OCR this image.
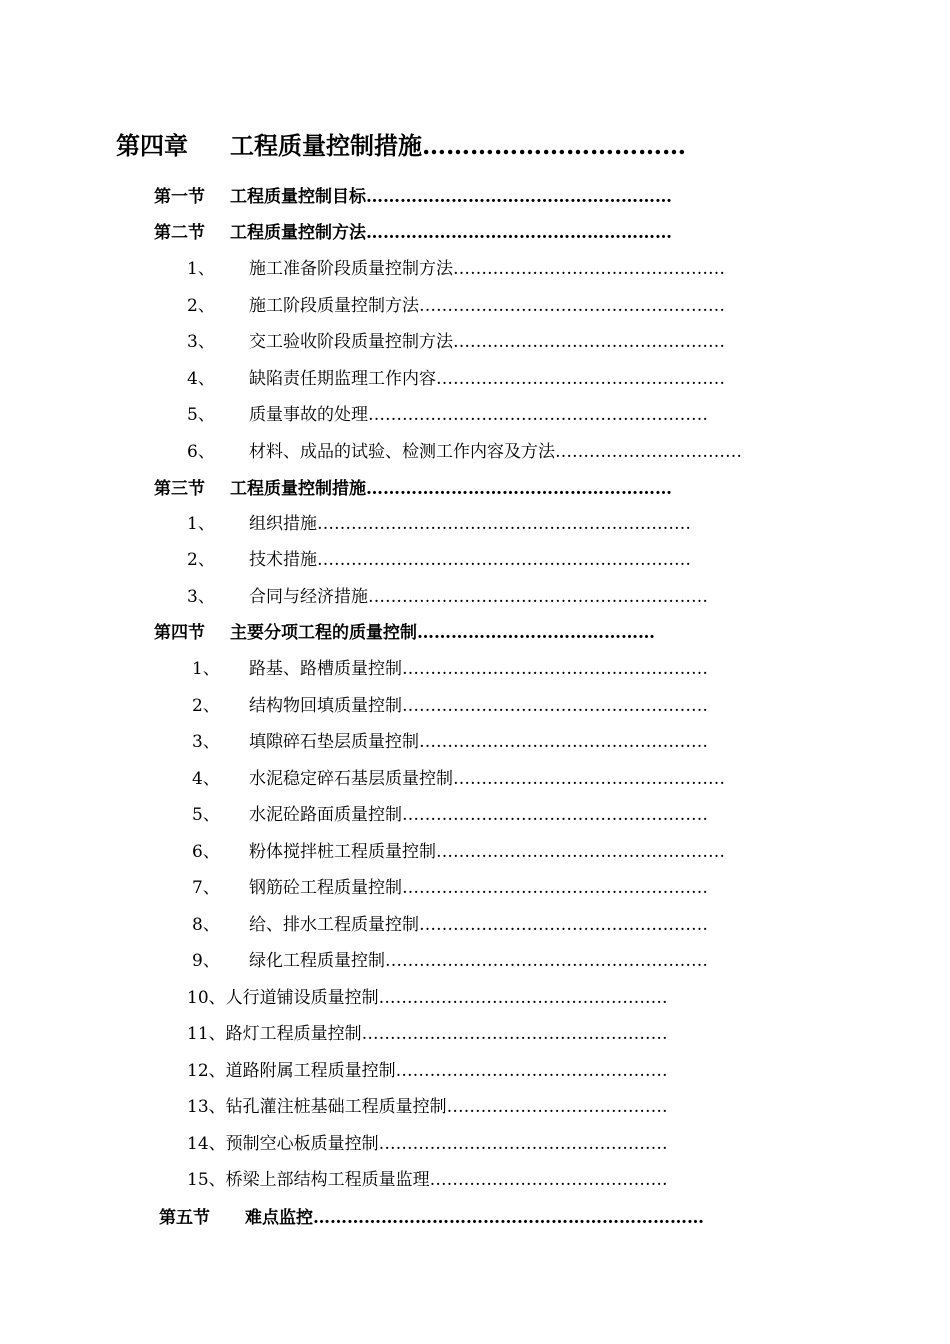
第四章 工程质量控制措施……………………………
第一节 工程质量控制目标………………………………………………
第二节 工程质量控制方法………………………………………………
1、 施工准备阶段质量控制方法…………………………………………
2、 施工阶段质量控制方法………………………………………………
3、 交工验收阶段质量控制方法…………………………………………
4、 缺陷责任期监理工作内容……………………………………………
5、 质量事故的处理……………………………………………………
6、 材料、成品的试验、检测工作内容及方法……………………………
第三节 工程质量控制措施………………………………………………
1、 组织措施…………………………………………………………
2、 技术措施…………………………………………………………
3、 合同与经济措施……………………………………………………
第四节 主要分项工程的质量控制……………………………………
1、 路基、路槽质量控制………………………………………………
2、 结构物回填质量控制………………………………………………
3、 填隙碎石垫层质量控制……………………………………………
4、 水泥稳定碎石基层质量控制…………………………………………
5、 水泥砼路面质量控制………………………………………………
6、 粉体搅拌桩工程质量控制……………………………………………
7、 钢筋砼工程质量控制………………………………………………
8、 给、排水工程质量控制……………………………………………
9、 绿化工程质量控制…………………………………………………
10、人行道铺设质量控制……………………………………………
11、路灯工程质量控制………………………………………………
12、道路附属工程质量控制…………………………………………
13、钻孔灌注桩基础工程质量控制…………………………………
14、预制空心板质量控制……………………………………………
15、桥梁上部结构工程质量监理……………………………………
第五节 难点监控……………………………………………………………
